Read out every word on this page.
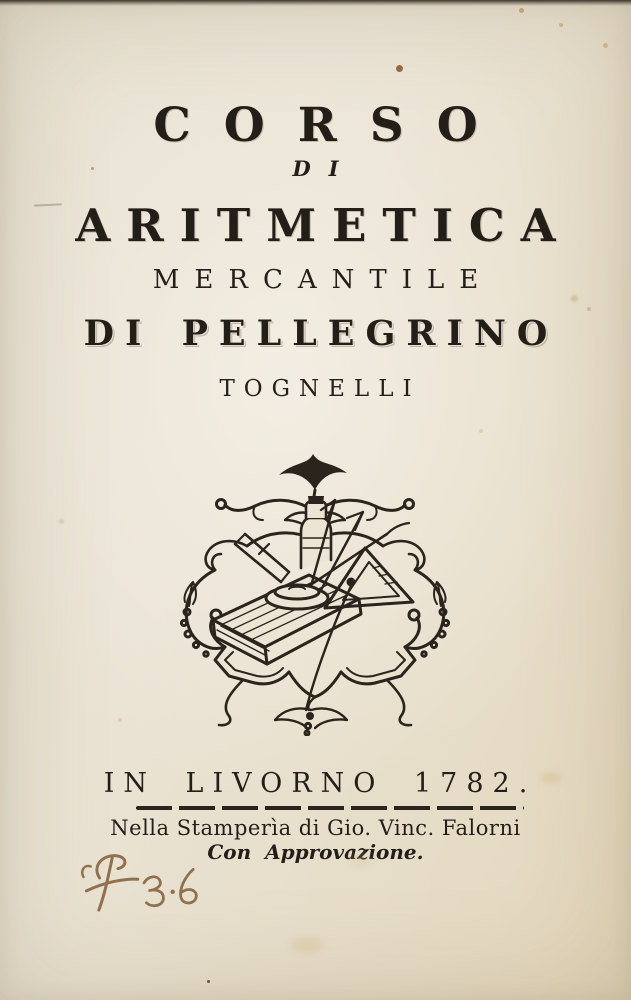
CORSO
DI
ARITMETICA
MERCANTILE
DI PELLEGRINO
TOGNELLI
IN LIVORNO 1782.
Nella Stamperìa di Gio. Vinc. Falorni
Con Approvazione.
